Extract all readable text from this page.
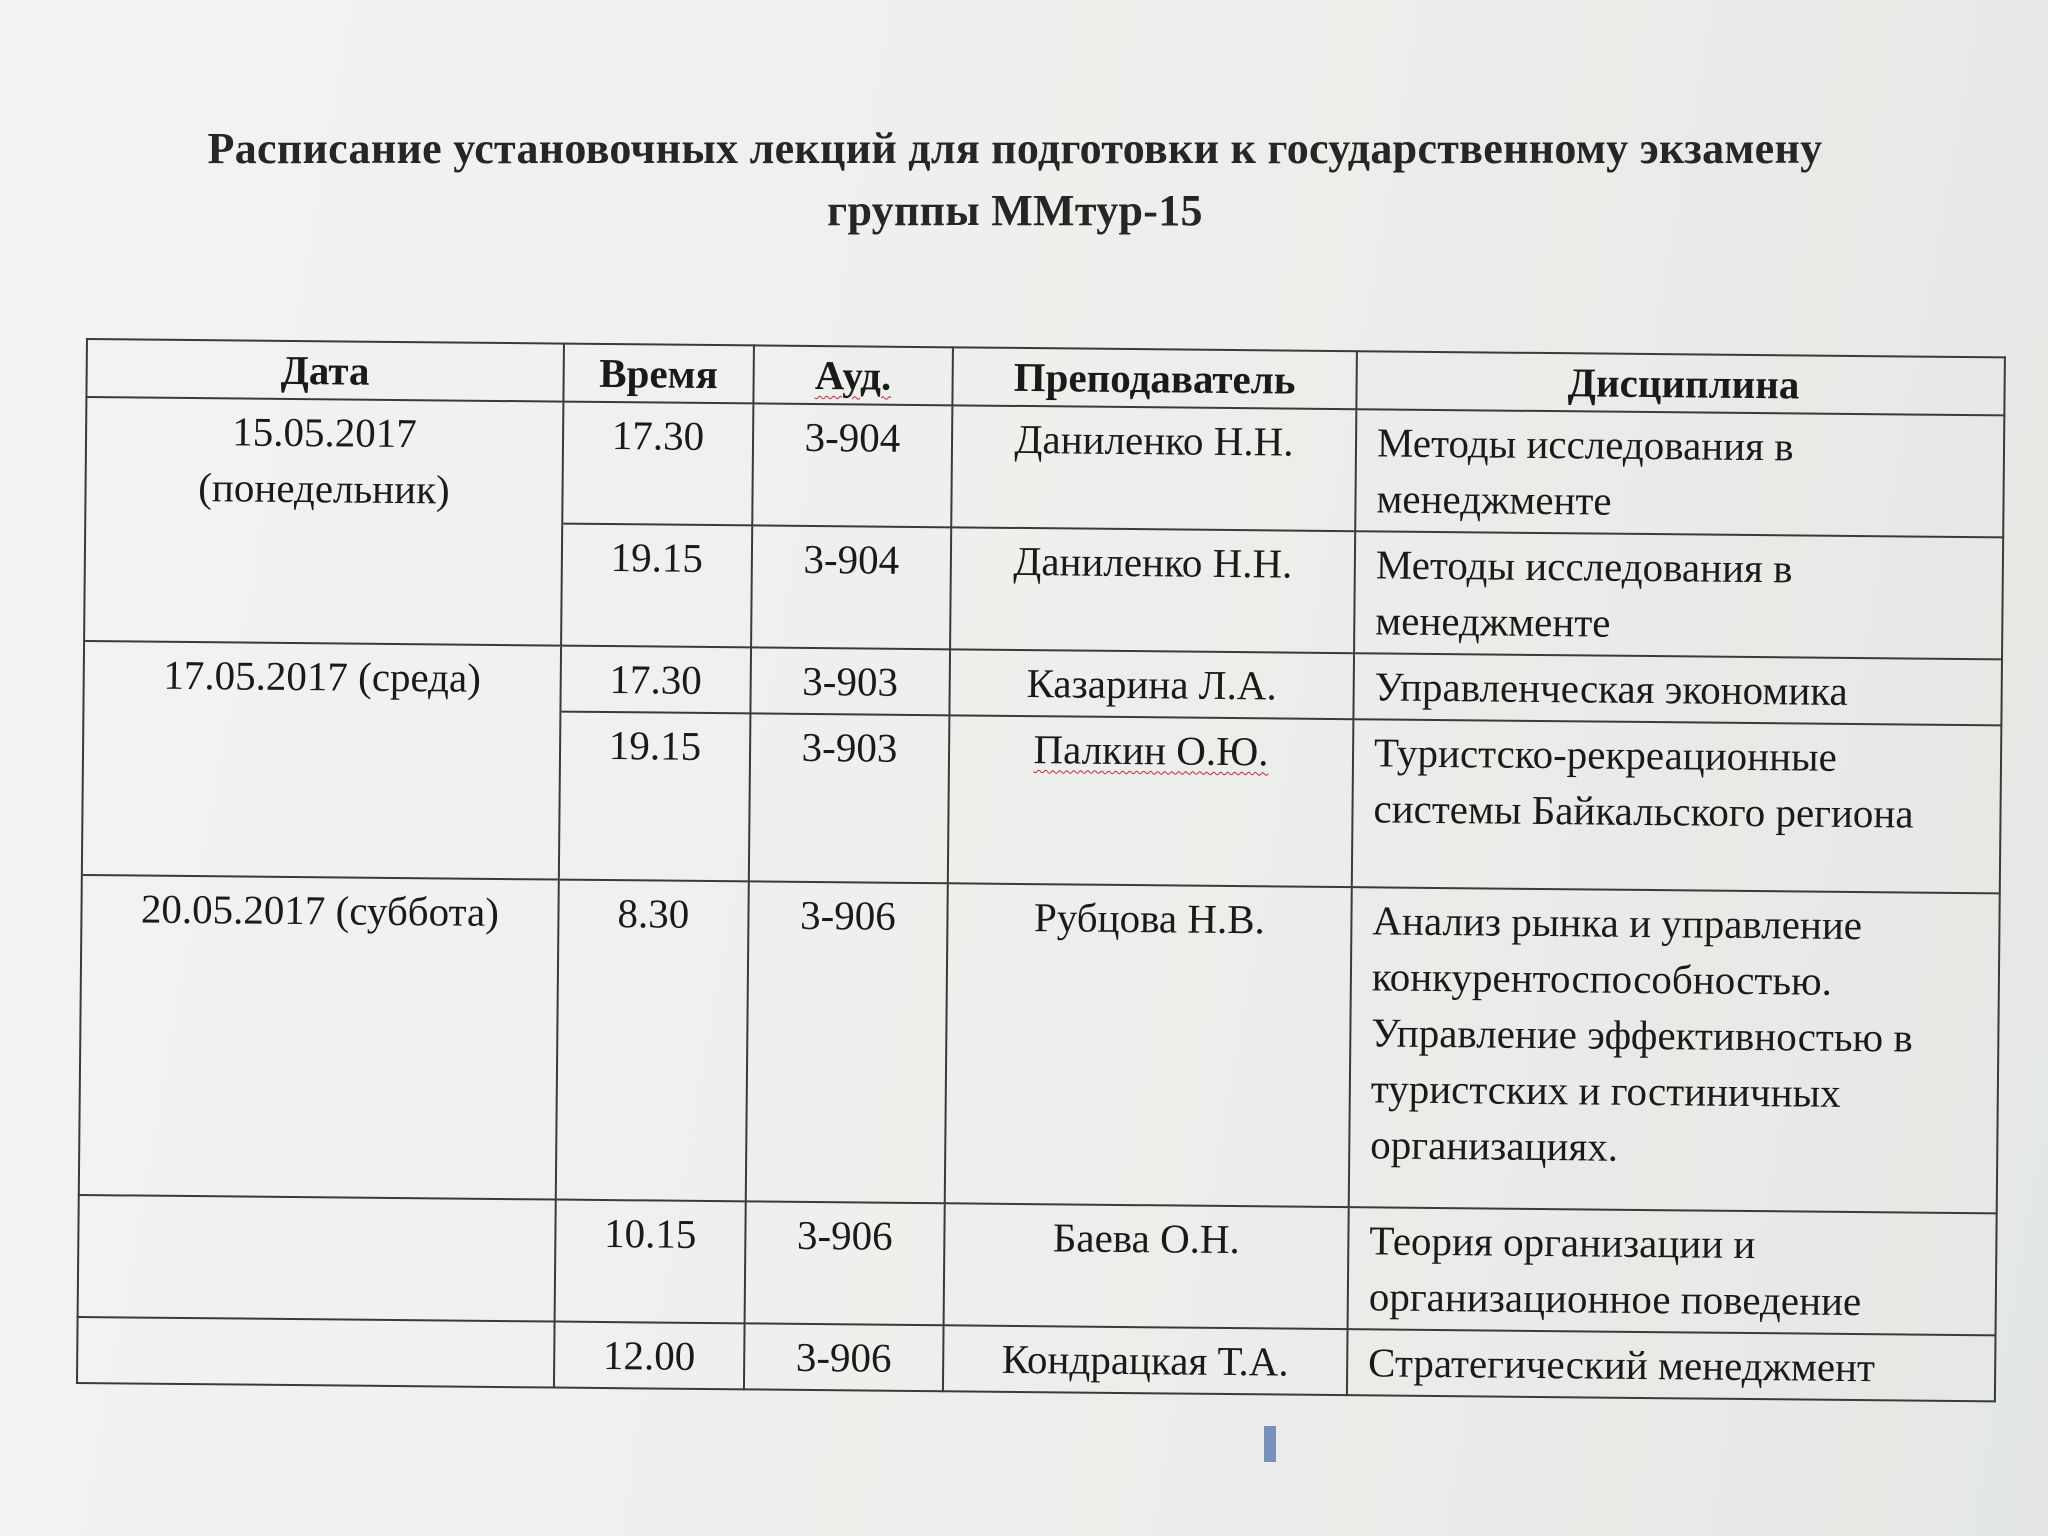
Расписание установочных лекций для подготовки к государственному экзамену
группы ММтур-15
Дата	Время	Ауд.	Преподаватель	Дисциплина

15.05.2017
(понедельник)	17.30	3-904	Даниленко Н.Н.	Методы исследования в менеджменте
	19.15	3-904	Даниленко Н.Н.	Методы исследования в менеджменте

17.05.2017 (среда)	17.30	3-903	Казарина Л.А.	Управленческая экономика
	19.15	3-903	Палкин О.Ю.	Туристско-рекреационные системы Байкальского региона

20.05.2017 (суббота)	8.30	3-906	Рубцова Н.В.	Анализ рынка и управление конкурентоспособностью. Управление эффективностью в туристских и гостиничных организациях.
	10.15	3-906	Баева О.Н.	Теория организации и организационное поведение
	12.00	3-906	Кондрацкая Т.А.	Стратегический менеджмент
